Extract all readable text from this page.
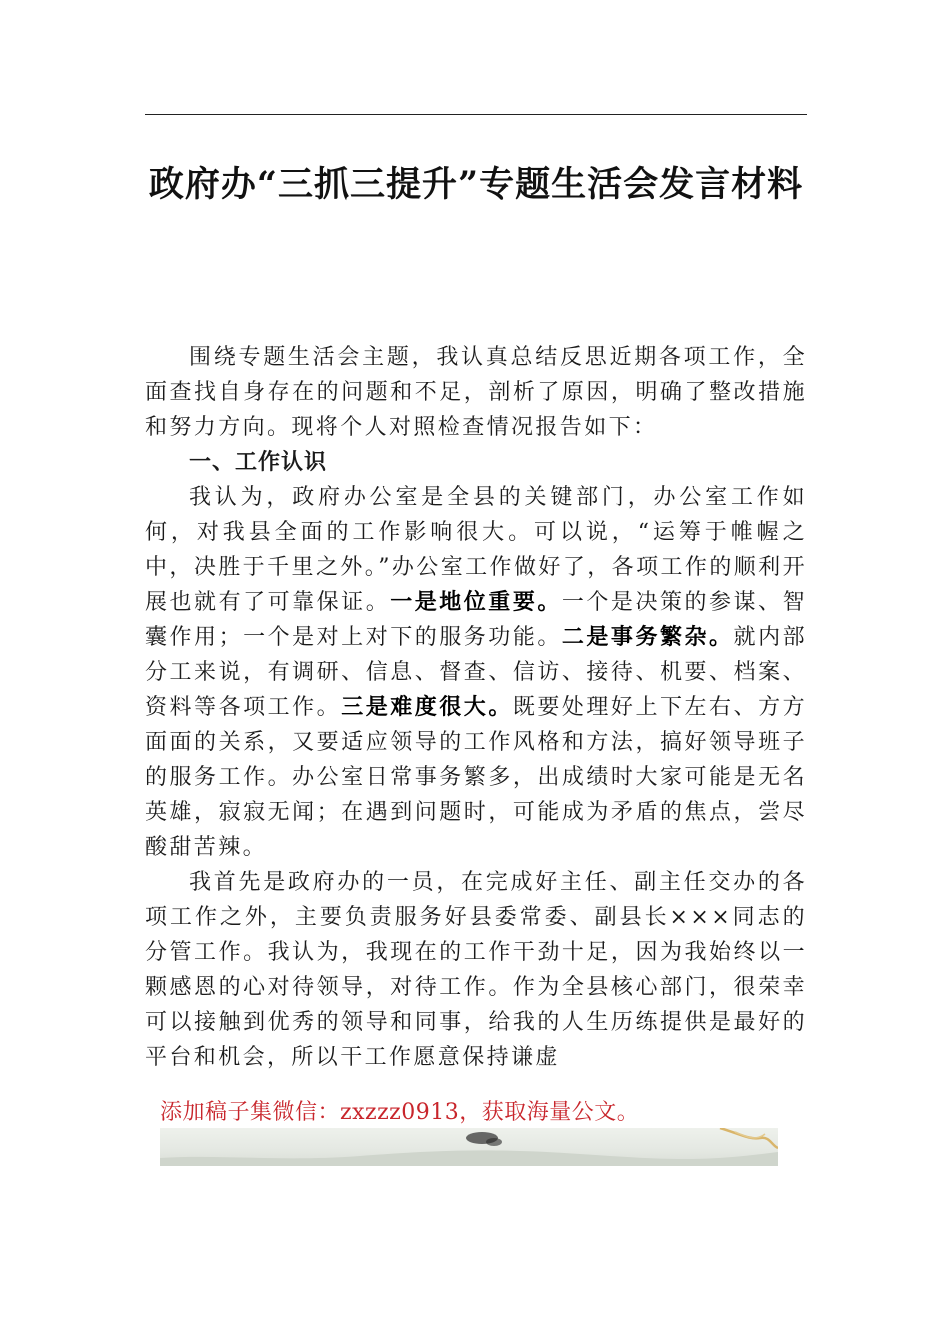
政府办“三抓三提升”专题生活会发言材料

围绕专题生活会主题，我认真总结反思近期各项工作，全面查找自身存在的问题和不足，剖析了原因，明确了整改措施和努力方向。现将个人对照检查情况报告如下：

一、工作认识

我认为，政府办公室是全县的关键部门，办公室工作如何，对我县全面的工作影响很大。可以说，“运筹于帷幄之中，决胜于千里之外。”办公室工作做好了，各项工作的顺利开展也就有了可靠保证。一是地位重要。一个是决策的参谋、智囊作用；一个是对上对下的服务功能。二是事务繁杂。就内部分工来说，有调研、信息、督查、信访、接待、机要、档案、资料等各项工作。三是难度很大。既要处理好上下左右、方方面面的关系，又要适应领导的工作风格和方法，搞好领导班子的服务工作。办公室日常事务繁多，出成绩时大家可能是无名英雄，寂寂无闻；在遇到问题时，可能成为矛盾的焦点，尝尽酸甜苦辣。

我首先是政府办的一员，在完成好主任、副主任交办的各项工作之外，主要负责服务好县委常委、副县长×××同志的分管工作。我认为，我现在的工作干劲十足，因为我始终以一颗感恩的心对待领导，对待工作。作为全县核心部门，很荣幸可以接触到优秀的领导和同事，给我的人生历练提供是最好的平台和机会，所以干工作愿意保持谦虚

添加稿子集微信：zxzzz0913，获取海量公文。
